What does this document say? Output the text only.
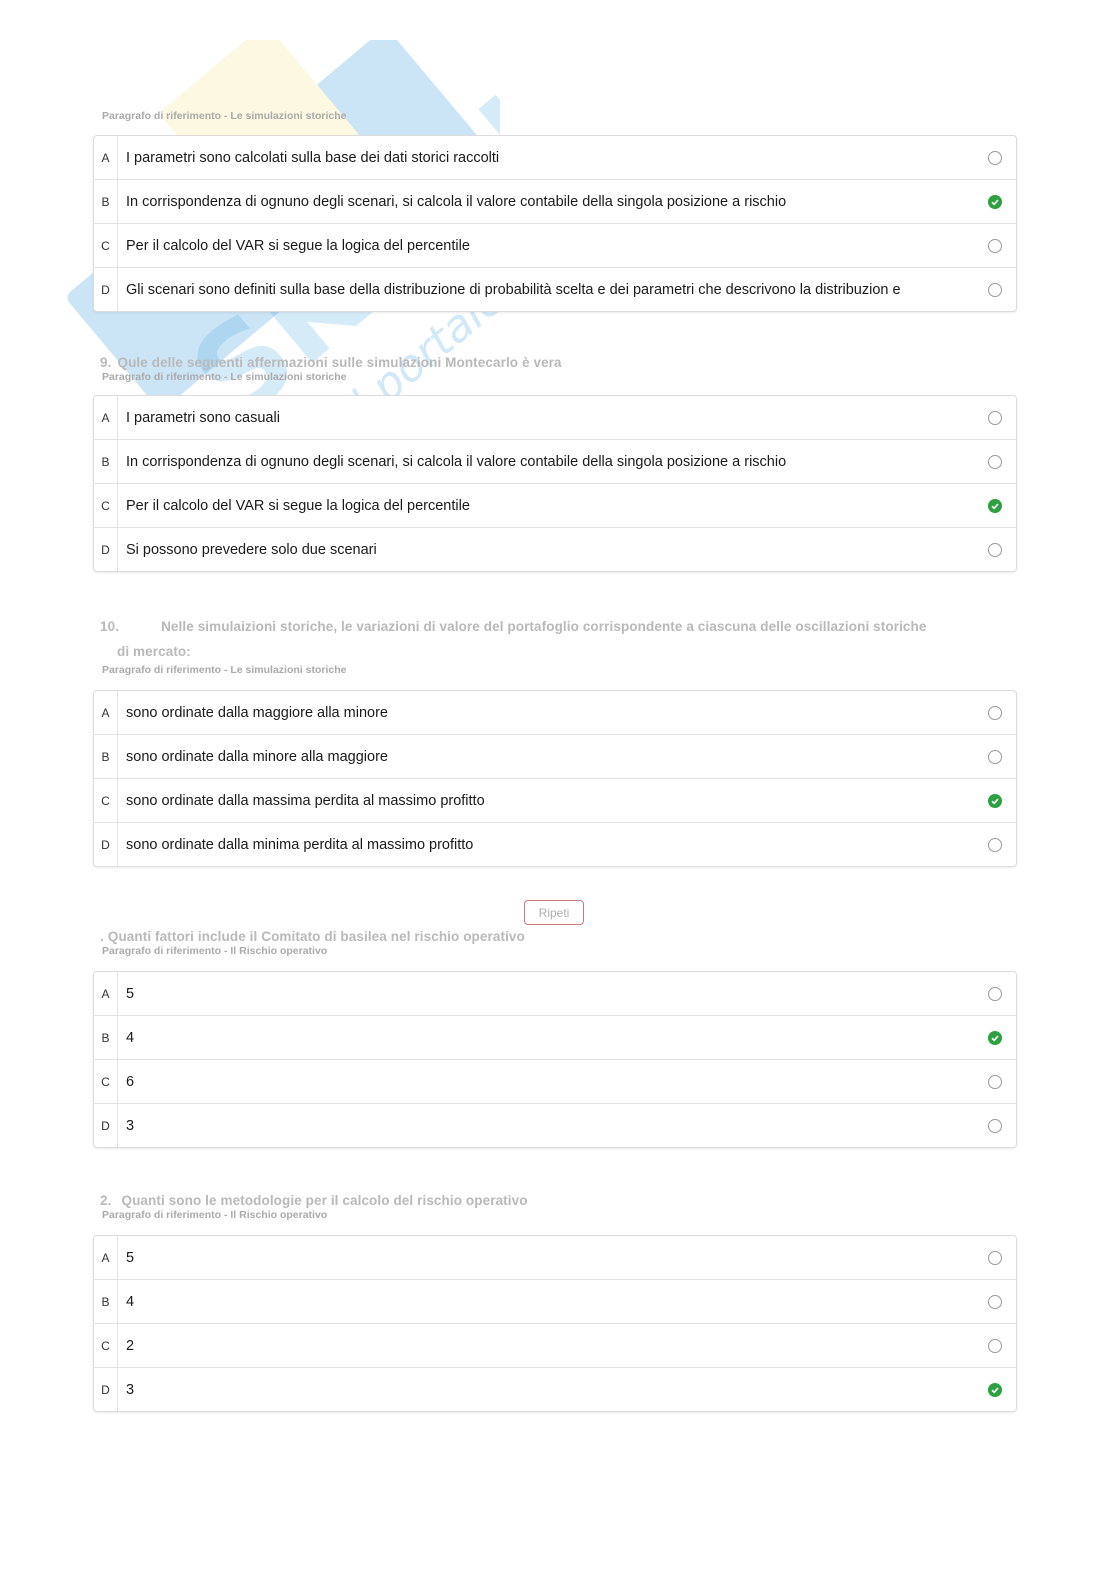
Paragrafo di riferimento - Le simulazioni storiche
A	I parametri sono calcolati sulla base dei dati storici raccolti
B	In corrispondenza di ognuno degli scenari, si calcola il valore contabile della singola posizione a rischio
C	Per il calcolo del VAR si segue la logica del percentile
D	Gli scenari sono definiti sulla base della distribuzione di probabilità scelta e dei parametri che descrivono la distribuzion e
9. Qule delle seguenti affermazioni sulle simulazioni Montecarlo è vera
Paragrafo di riferimento - Le simulazioni storiche
A	I parametri sono casuali
B	In corrispondenza di ognuno degli scenari, si calcola il valore contabile della singola posizione a rischio
C	Per il calcolo del VAR si segue la logica del percentile
D	Si possono prevedere solo due scenari
10.	Nelle simulaizioni storiche, le variazioni di valore del portafoglio corrispondente a ciascuna delle oscillazioni storiche
di mercato:
Paragrafo di riferimento - Le simulazioni storiche
A	sono ordinate dalla maggiore alla minore
B	sono ordinate dalla minore alla maggiore
C	sono ordinate dalla massima perdita al massimo profitto
D	sono ordinate dalla minima perdita al massimo profitto
Ripeti
. Quanti fattori include il Comitato di basilea nel rischio operativo
Paragrafo di riferimento - Il Rischio operativo
A	5
B	4
C	6
D	3
2. Quanti sono le metodologie per il calcolo del rischio operativo
Paragrafo di riferimento - Il Rischio operativo
A	5
B	4
C	2
D	3
